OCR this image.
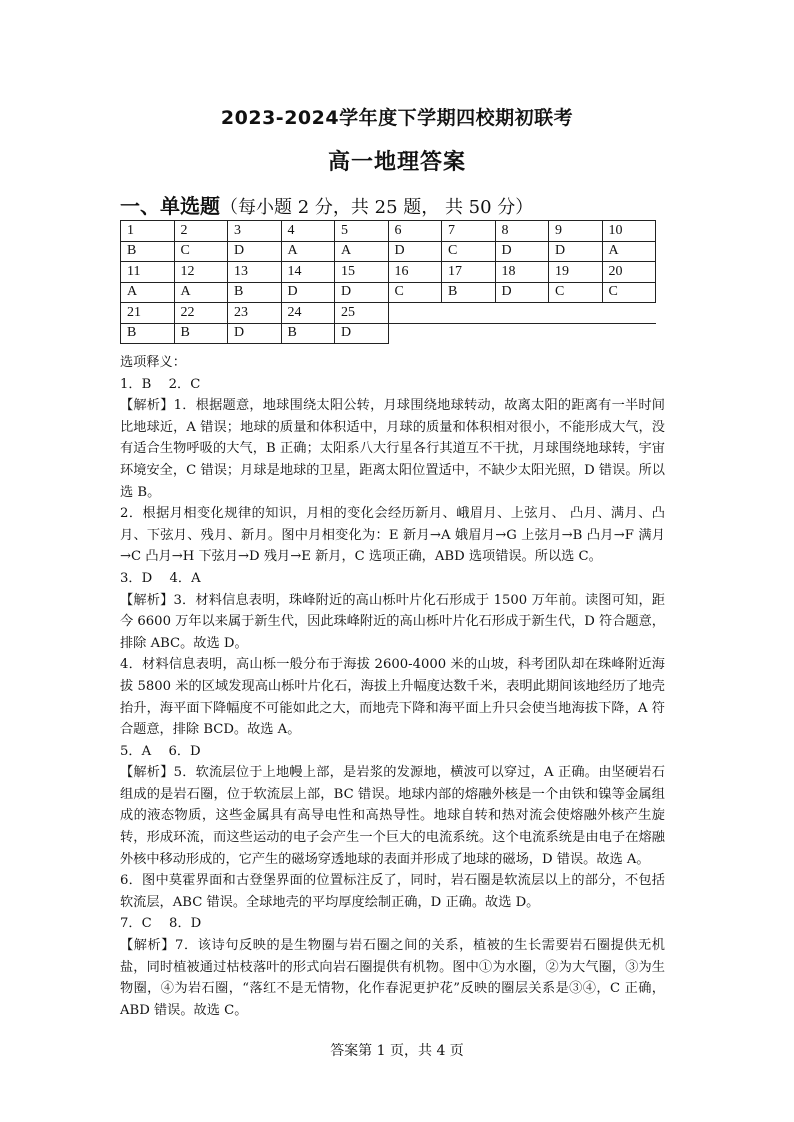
2023-2024学年度下学期四校期初联考
高一地理答案
一、单选题（每小题 2 分，共 25 题， 共 50 分）
1	2	3	4	5	6	7	8	9	10
B	C	D	A	A	D	C	D	D	A
11	12	13	14	15	16	17	18	19	20
A	A	B	D	D	C	B	D	C	C
21	22	23	24	25					
B	B	D	B	D					

选项释义：

1．B　 2．C

【解析】1．根据题意，地球围绕太阳公转，月球围绕地球转动，故离太阳的距离有一半时间比地球近，A 错误；地球的质量和体积适中，月球的质量和体积相对很小，不能形成大气，没有适合生物呼吸的大气，B 正确；太阳系八大行星各行其道互不干扰，月球围绕地球转，宇宙环境安全，C 错误；月球是地球的卫星，距离太阳位置适中，不缺少太阳光照，D 错误。所以选 B。

2．根据月相变化规律的知识，月相的变化会经历新月、峨眉月、上弦月、 凸月、满月、凸月、下弦月、残月、新月。图中月相变化为：E 新月→A 娥眉月→G 上弦月→B 凸月→F 满月→C 凸月→H 下弦月→D 残月→E 新月，C 选项正确，ABD 选项错误。所以选 C。

3．D　 4．A

【解析】3．材料信息表明，珠峰附近的高山栎叶片化石形成于 1500 万年前。读图可知，距今 6600 万年以来属于新生代，因此珠峰附近的高山栎叶片化石形成于新生代，D 符合题意，排除 ABC。故选 D。

4．材料信息表明，高山栎一般分布于海拔 2600-4000 米的山坡，科考团队却在珠峰附近海拔 5800 米的区域发现高山栎叶片化石，海拔上升幅度达数千米，表明此期间该地经历了地壳抬升，海平面下降幅度不可能如此之大，而地壳下降和海平面上升只会使当地海拔下降，A 符合题意，排除 BCD。故选 A。

5．A　 6．D

【解析】5．软流层位于上地幔上部，是岩浆的发源地，横波可以穿过，A 正确。由坚硬岩石组成的是岩石圈，位于软流层上部，BC 错误。地球内部的熔融外核是一个由铁和镍等金属组成的液态物质，这些金属具有高导电性和高热导性。地球自转和热对流会使熔融外核产生旋转，形成环流，而这些运动的电子会产生一个巨大的电流系统。这个电流系统是由电子在熔融外核中移动形成的，它产生的磁场穿透地球的表面并形成了地球的磁场，D 错误。故选 A。

6．图中莫霍界面和古登堡界面的位置标注反了，同时，岩石圈是软流层以上的部分，不包括软流层，ABC 错误。全球地壳的平均厚度绘制正确，D 正确。故选 D。

7．C　 8．D

【解析】7．该诗句反映的是生物圈与岩石圈之间的关系，植被的生长需要岩石圈提供无机盐，同时植被通过枯枝落叶的形式向岩石圈提供有机物。图中①为水圈，②为大气圈，③为生物圈，④为岩石圈，“落红不是无情物，化作春泥更护花”反映的圈层关系是③④，C 正确，ABD 错误。故选 C。

答案第 1 页，共 4 页
